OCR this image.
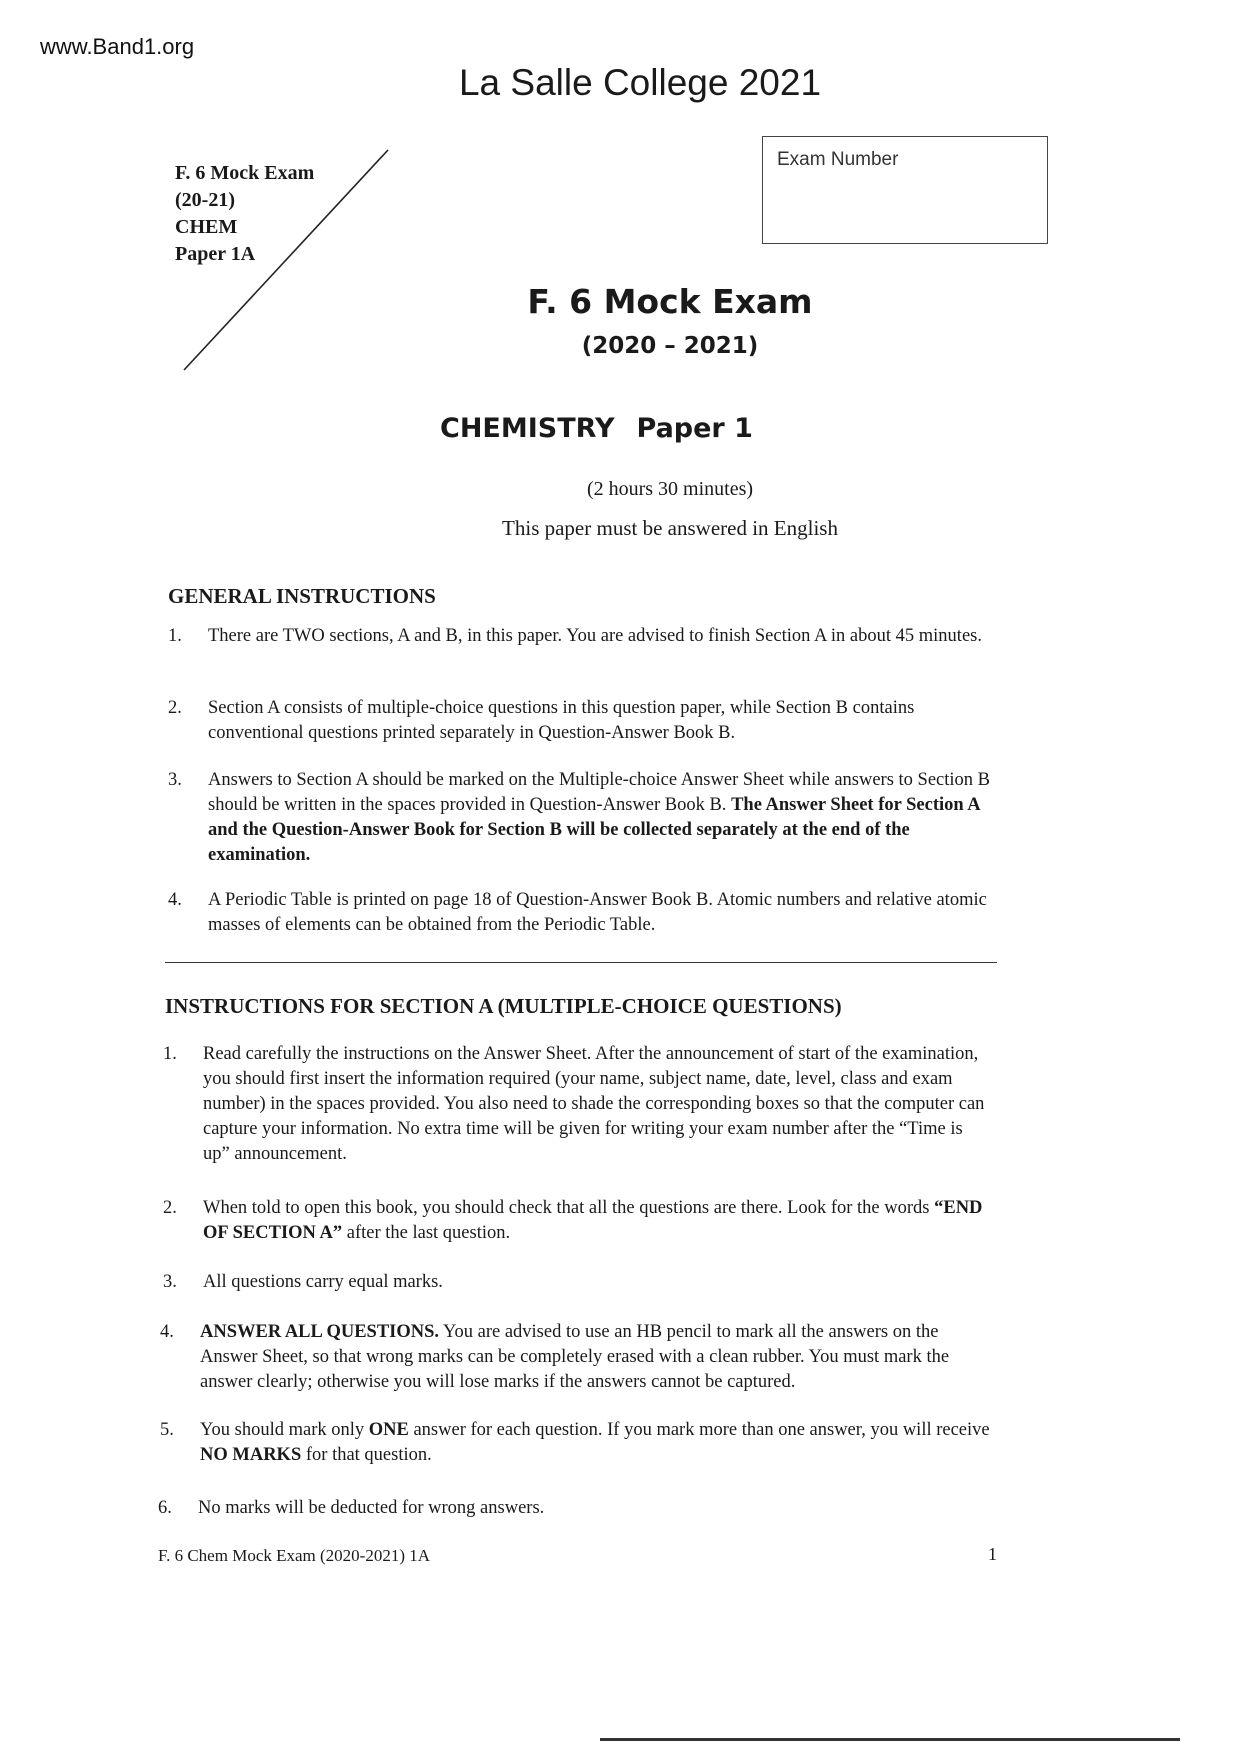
www.Band1.org
La Salle College 2021
F. 6 Mock Exam
(20-21)
CHEM
Paper 1A
Exam Number
F. 6 Mock Exam
(2020 – 2021)
CHEMISTRY Paper 1
(2 hours 30 minutes)
This paper must be answered in English
GENERAL INSTRUCTIONS
1. There are TWO sections, A and B, in this paper. You are advised to finish Section A in about 45 minutes.
2. Section A consists of multiple-choice questions in this question paper, while Section B contains conventional questions printed separately in Question-Answer Book B.
3. Answers to Section A should be marked on the Multiple-choice Answer Sheet while answers to Section B should be written in the spaces provided in Question-Answer Book B. The Answer Sheet for Section A and the Question-Answer Book for Section B will be collected separately at the end of the examination.
4. A Periodic Table is printed on page 18 of Question-Answer Book B. Atomic numbers and relative atomic masses of elements can be obtained from the Periodic Table.
INSTRUCTIONS FOR SECTION A (MULTIPLE-CHOICE QUESTIONS)
1. Read carefully the instructions on the Answer Sheet. After the announcement of start of the examination, you should first insert the information required (your name, subject name, date, level, class and exam number) in the spaces provided. You also need to shade the corresponding boxes so that the computer can capture your information. No extra time will be given for writing your exam number after the “Time is up” announcement.
2. When told to open this book, you should check that all the questions are there. Look for the words “END OF SECTION A” after the last question.
3. All questions carry equal marks.
4. ANSWER ALL QUESTIONS. You are advised to use an HB pencil to mark all the answers on the Answer Sheet, so that wrong marks can be completely erased with a clean rubber. You must mark the answer clearly; otherwise you will lose marks if the answers cannot be captured.
5. You should mark only ONE answer for each question. If you mark more than one answer, you will receive NO MARKS for that question.
6. No marks will be deducted for wrong answers.
F. 6 Chem Mock Exam (2020-2021) 1A	1
